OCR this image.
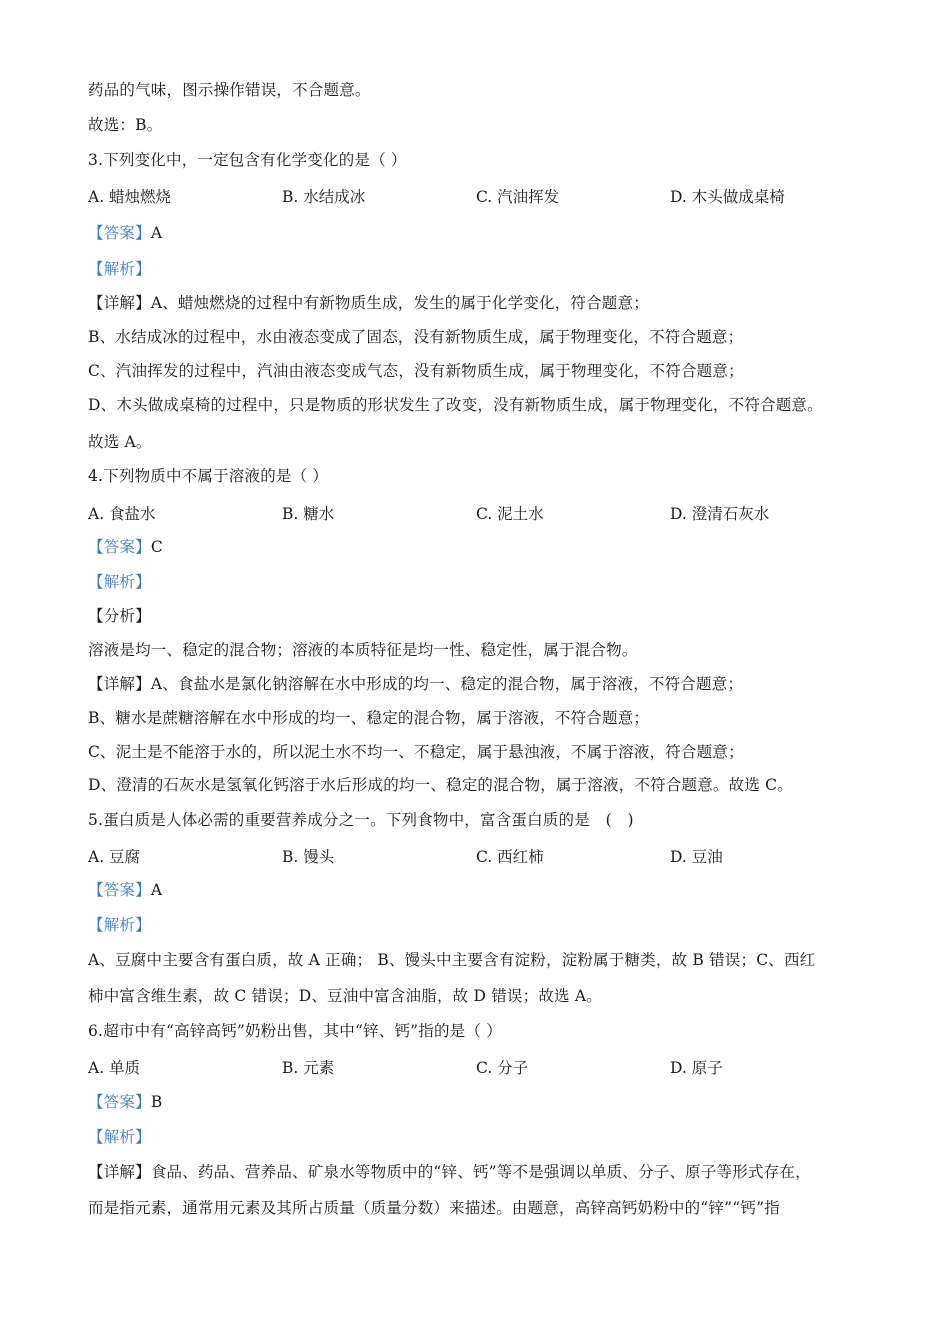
药品的气味，图示操作错误，不合题意。
故选：B。
3.下列变化中，一定包含有化学变化的是（ ）
A. 蜡烛燃烧	B. 水结成冰	C. 汽油挥发	D. 木头做成桌椅
【答案】A
【解析】
【详解】A、蜡烛燃烧的过程中有新物质生成，发生的属于化学变化，符合题意；
B、水结成冰的过程中，水由液态变成了固态，没有新物质生成，属于物理变化，不符合题意；
C、汽油挥发的过程中，汽油由液态变成气态，没有新物质生成，属于物理变化，不符合题意；
D、木头做成桌椅的过程中，只是物质的形状发生了改变，没有新物质生成，属于物理变化，不符合题意。
故选 A。
4.下列物质中不属于溶液的是（ ）
A. 食盐水	B. 糖水	C. 泥土水	D. 澄清石灰水
【答案】C
【解析】
【分析】
溶液是均一、稳定的混合物；溶液的本质特征是均一性、稳定性，属于混合物。
【详解】A、食盐水是氯化钠溶解在水中形成的均一、稳定的混合物，属于溶液，不符合题意；
B、糖水是蔗糖溶解在水中形成的均一、稳定的混合物，属于溶液，不符合题意；
C、泥土是不能溶于水的，所以泥土水不均一、不稳定，属于悬浊液，不属于溶液，符合题意；
D、澄清的石灰水是氢氧化钙溶于水后形成的均一、稳定的混合物，属于溶液，不符合题意。故选 C。
5.蛋白质是人体必需的重要营养成分之一。下列食物中，富含蛋白质的是　(　)
A. 豆腐	B. 馒头	C. 西红柿	D. 豆油
【答案】A
【解析】
A、豆腐中主要含有蛋白质，故 A 正确； B、馒头中主要含有淀粉，淀粉属于糖类，故 B 错误；C、西红
柿中富含维生素，故 C 错误；D、豆油中富含油脂，故 D 错误；故选 A。
6.超市中有“高锌高钙”奶粉出售，其中“锌、钙”指的是（ ）
A. 单质	B. 元素	C. 分子	D. 原子
【答案】B
【解析】
【详解】食品、药品、营养品、矿泉水等物质中的“锌、钙”等不是强调以单质、分子、原子等形式存在，
而是指元素，通常用元素及其所占质量（质量分数）来描述。由题意，高锌高钙奶粉中的“锌”“钙”指
